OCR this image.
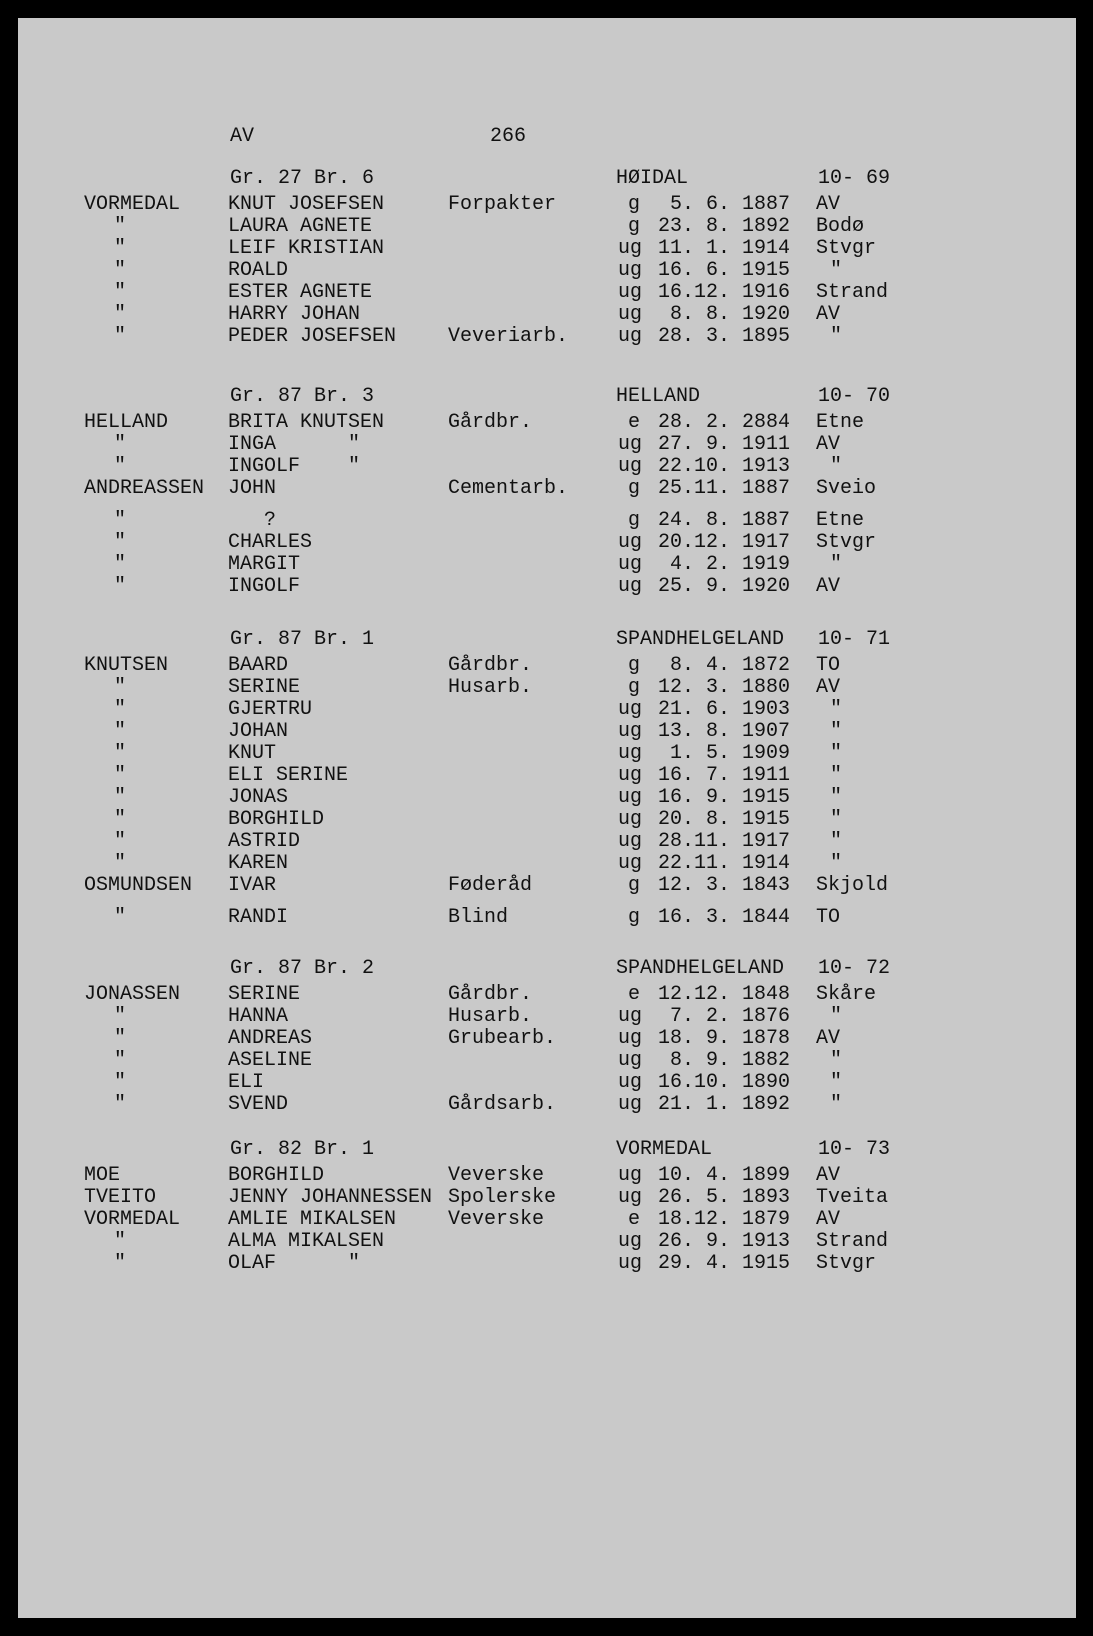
AV	266
Gr. 27 Br. 6	HØIDAL	10- 69
VORMEDAL KNUT JOSEFSEN	Forpakter	g 5. 6. 1887 AV
"	LAURA AGNETE	g 23. 8. 1892 Bodø
"	LEIF KRISTIAN	ug 11. 1. 1914 Stvgr
"	ROALD	ug 16. 6. 1915 "
"	ESTER AGNETE	ug 16.12. 1916 Strand
"	HARRY JOHAN	ug 8. 8. 1920 AV
"	PEDER JOSEFSEN	Veveriarb. ug 28. 3. 1895 "
Gr. 87 Br. 3	HELLAND	10- 70
HELLAND	BRITA KNUTSEN	Gårdbr.	e 28. 2. 2884 Etne
"	INGA      "	ug 27. 9. 1911 AV
"	INGOLF    "	ug 22.10. 1913 "
ANDREASSEN JOHN	Cementarb.	g 25.11. 1887 Sveio
"	?	g 24. 8. 1887 Etne
"	CHARLES	ug 20.12. 1917 Stvgr
"	MARGIT	ug 4. 2. 1919 "
"	INGOLF	ug 25. 9. 1920 AV
Gr. 87 Br. 1	SPANDHELGELAND 10- 71
KNUTSEN	BAARD	Gårdbr.	g 8. 4. 1872 TO
"	SERINE	Husarb.	g 12. 3. 1880 AV
"	GJERTRU	ug 21. 6. 1903 "
"	JOHAN	ug 13. 8. 1907 "
"	KNUT	ug 1. 5. 1909 "
"	ELI SERINE	ug 16. 7. 1911 "
"	JONAS	ug 16. 9. 1915 "
"	BORGHILD	ug 20. 8. 1915 "
"	ASTRID	ug 28.11. 1917 "
"	KAREN	ug 22.11. 1914 "
OSMUNDSEN IVAR	Føderåd	g 12. 3. 1843 Skjold
"	RANDI	Blind	g 16. 3. 1844 TO
Gr. 87 Br. 2	SPANDHELGELAND 10- 72
JONASSEN SERINE	Gårdbr.	e 12.12. 1848 Skåre
"	HANNA	Husarb.	ug 7. 2. 1876 "
"	ANDREAS	Grubearb.	ug 18. 9. 1878 AV
"	ASELINE	ug 8. 9. 1882 "
"	ELI	ug 16.10. 1890 "
"	SVEND	Gårdsarb.	ug 21. 1. 1892 "
Gr. 82 Br. 1	VORMEDAL	10- 73
MOE	BORGHILD	Veverske	ug 10. 4. 1899 AV
TVEITO	JENNY JOHANNESSEN Spolerske	ug 26. 5. 1893 Tveita
VORMEDAL AMLIE MIKALSEN	Veverske	e 18.12. 1879 AV
"	ALMA MIKALSEN	ug 26. 9. 1913 Strand
"	OLAF      "	ug 29. 4. 1915 Stvgr
